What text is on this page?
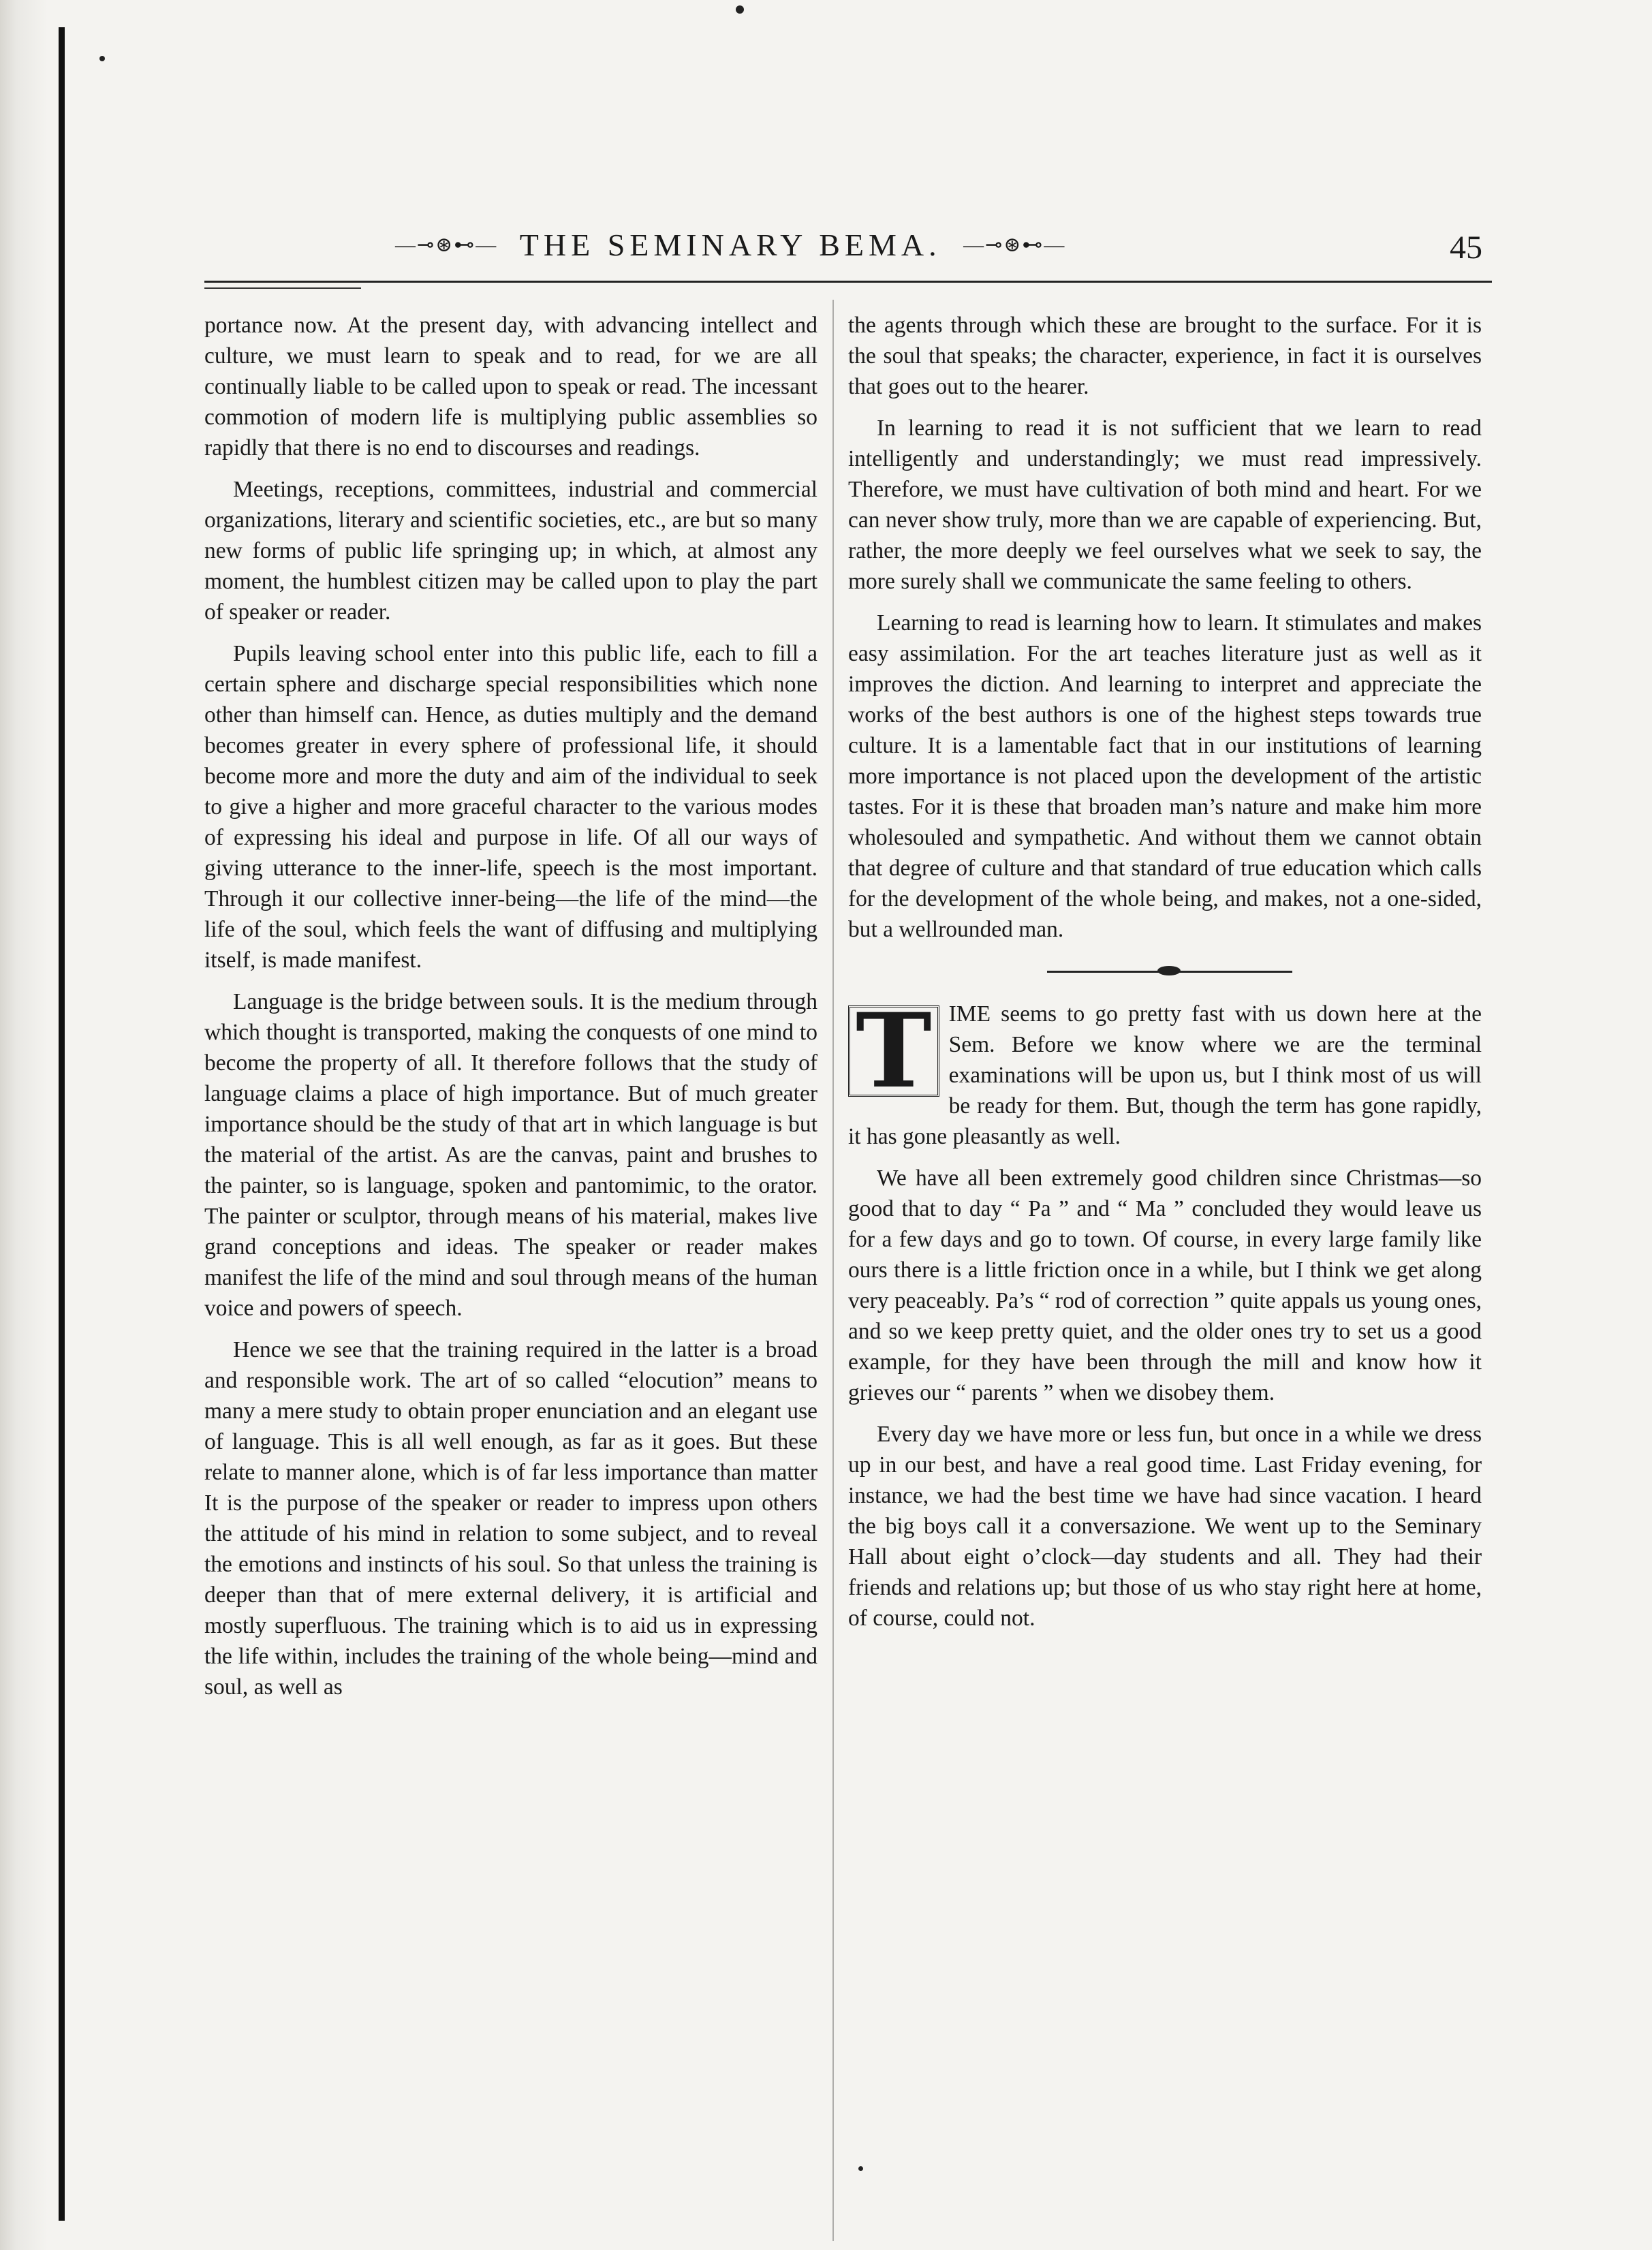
—⊸⊛⊷— THE SEMINARY BEMA. —⊸⊛⊷—	45

portance now. At the present day, with advancing intellect and culture, we must learn to speak and to read, for we are all continually liable to be called upon to speak or read. The incessant commotion of modern life is multiplying public assemblies so rapidly that there is no end to discourses and readings.

Meetings, receptions, committees, industrial and commercial organizations, literary and scientific societies, etc., are but so many new forms of public life springing up; in which, at almost any moment, the humblest citizen may be called upon to play the part of speaker or reader.

Pupils leaving school enter into this public life, each to fill a certain sphere and discharge special responsibilities which none other than himself can. Hence, as duties multiply and the demand becomes greater in every sphere of professional life, it should become more and more the duty and aim of the individual to seek to give a higher and more graceful character to the various modes of expressing his ideal and purpose in life. Of all our ways of giving utterance to the inner-life, speech is the most important. Through it our collective inner-being—the life of the mind—the life of the soul, which feels the want of diffusing and multiplying itself, is made manifest.

Language is the bridge between souls. It is the medium through which thought is transported, making the conquests of one mind to become the property of all. It therefore follows that the study of language claims a place of high importance. But of much greater importance should be the study of that art in which language is but the material of the artist. As are the canvas, paint and brushes to the painter, so is language, spoken and pantomimic, to the orator. The painter or sculptor, through means of his material, makes live grand conceptions and ideas. The speaker or reader makes manifest the life of the mind and soul through means of the human voice and powers of speech.

Hence we see that the training required in the latter is a broad and responsible work. The art of so called “elocution” means to many a mere study to obtain proper enunciation and an elegant use of language. This is all well enough, as far as it goes. But these relate to manner alone, which is of far less importance than matter It is the purpose of the speaker or reader to impress upon others the attitude of his mind in relation to some subject, and to reveal the emotions and instincts of his soul. So that unless the training is deeper than that of mere external delivery, it is artificial and mostly superfluous. The training which is to aid us in expressing the life within, includes the training of the whole being—mind and soul, as well as

the agents through which these are brought to the surface. For it is the soul that speaks; the character, experience, in fact it is ourselves that goes out to the hearer.

In learning to read it is not sufficient that we learn to read intelligently and understandingly; we must read impressively. Therefore, we must have cultivation of both mind and heart. For we can never show truly, more than we are capable of experiencing. But, rather, the more deeply we feel ourselves what we seek to say, the more surely shall we communicate the same feeling to others.

Learning to read is learning how to learn. It stimulates and makes easy assimilation. For the art teaches literature just as well as it improves the diction. And learning to interpret and appreciate the works of the best authors is one of the highest steps towards true culture. It is a lamentable fact that in our institutions of learning more importance is not placed upon the development of the artistic tastes. For it is these that broaden man’s nature and make him more wholesouled and sympathetic. And without them we cannot obtain that degree of culture and that standard of true education which calls for the development of the whole being, and makes, not a one-sided, but a wellrounded man.

T IME seems to go pretty fast with us down here at the Sem. Before we know where we are the terminal examinations will be upon us, but I think most of us will be ready for them. But, though the term has gone rapidly, it has gone pleasantly as well.

We have all been extremely good children since Christmas—so good that to day “ Pa ” and “ Ma ” concluded they would leave us for a few days and go to town. Of course, in every large family like ours there is a little friction once in a while, but I think we get along very peaceably. Pa’s “ rod of correction ” quite appals us young ones, and so we keep pretty quiet, and the older ones try to set us a good example, for they have been through the mill and know how it grieves our “ parents ” when we disobey them.

Every day we have more or less fun, but once in a while we dress up in our best, and have a real good time. Last Friday evening, for instance, we had the best time we have had since vacation. I heard the big boys call it a conversazione. We went up to the Seminary Hall about eight o’clock—day students and all. They had their friends and relations up; but those of us who stay right here at home, of course, could not.
